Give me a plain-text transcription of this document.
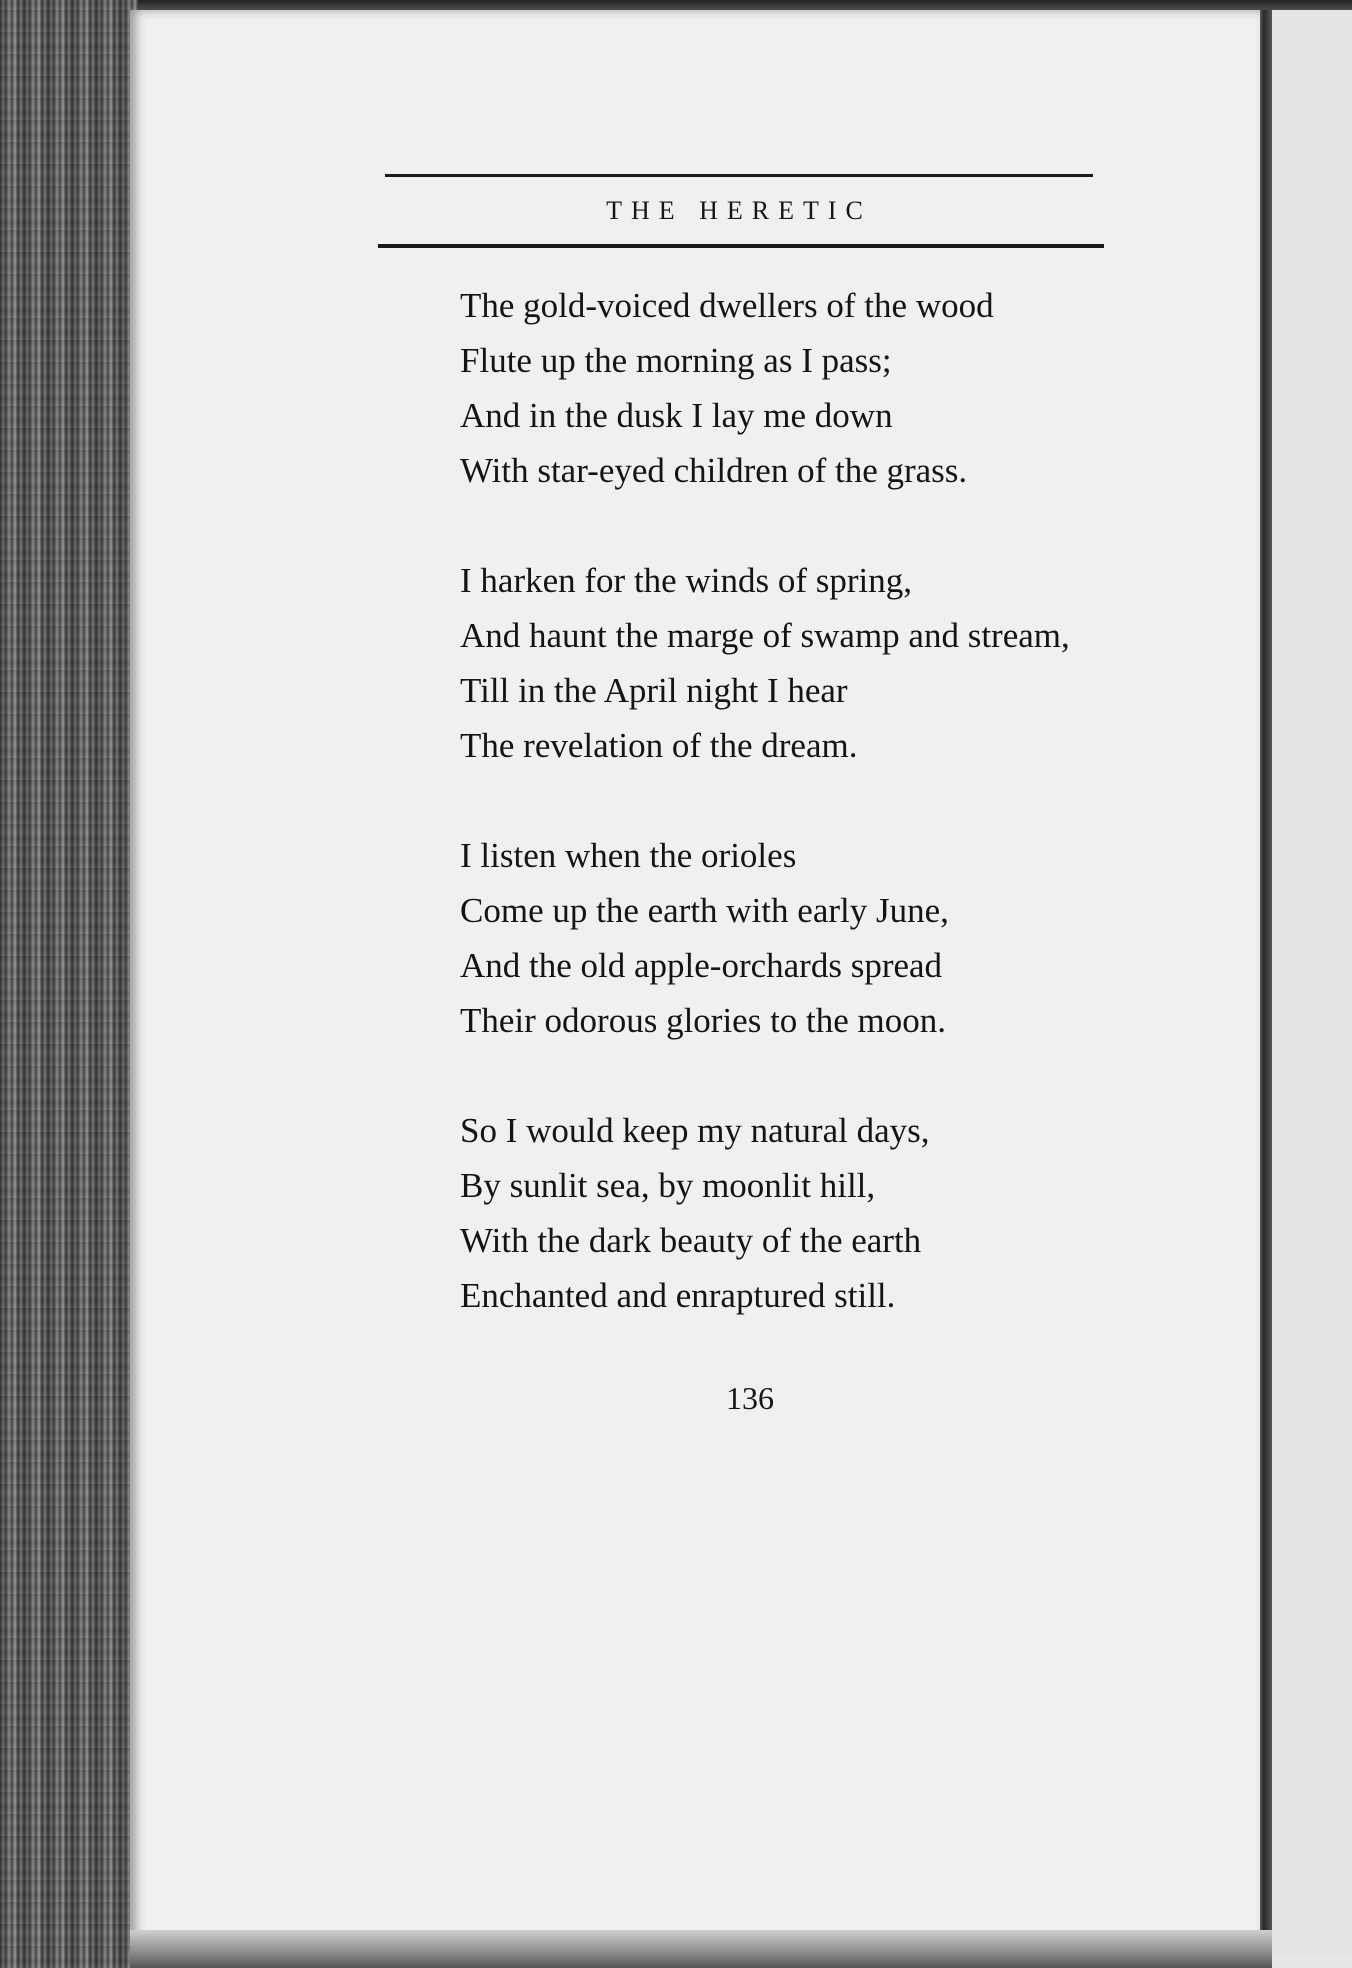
THE HERETIC
The gold-voiced dwellers of the wood
Flute up the morning as I pass;
And in the dusk I lay me down
With star-eyed children of the grass.
I harken for the winds of spring,
And haunt the marge of swamp and stream,
Till in the April night I hear
The revelation of the dream.
I listen when the orioles
Come up the earth with early June,
And the old apple-orchards spread
Their odorous glories to the moon.
So I would keep my natural days,
By sunlit sea, by moonlit hill,
With the dark beauty of the earth
Enchanted and enraptured still.
136
